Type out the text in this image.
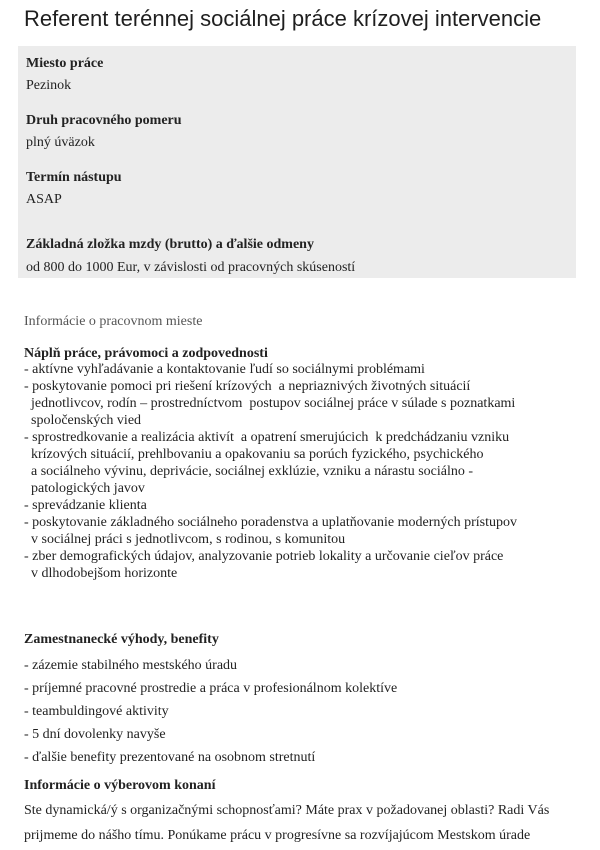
Referent terénnej sociálnej práce krízovej intervencie
Miesto práce
Pezinok
Druh pracovného pomeru
plný úväzok
Termín nástupu
ASAP
Základná zložka mzdy (brutto) a ďalšie odmeny
od 800 do 1000 Eur, v závislosti od pracovných skúseností
Informácie o pracovnom mieste
Náplň práce, právomoci a zodpovednosti
- aktívne vyhľadávanie a kontaktovanie ľudí so sociálnymi problémami
- poskytovanie pomoci pri riešení krízových  a nepriaznivých životných situácií
jednotlivcov, rodín – prostredníctvom  postupov sociálnej práce v súlade s poznatkami
spoločenských vied
- sprostredkovanie a realizácia aktivít  a opatrení smerujúcich  k predchádzaniu vzniku
krízových situácií, prehlbovaniu a opakovaniu sa porúch fyzického, psychického
a sociálneho vývinu, deprivácie, sociálnej exklúzie, vzniku a nárastu sociálno -
patologických javov
- sprevádzanie klienta
- poskytovanie základného sociálneho poradenstva a uplatňovanie moderných prístupov
v sociálnej práci s jednotlivcom, s rodinou, s komunitou
- zber demografických údajov, analyzovanie potrieb lokality a určovanie cieľov práce
v dlhodobejšom horizonte
Zamestnanecké výhody, benefity
- zázemie stabilného mestského úradu
- príjemné pracovné prostredie a práca v profesionálnom kolektíve
- teambuldingové aktivity
- 5 dní dovolenky navyše
- ďalšie benefity prezentované na osobnom stretnutí
Informácie o výberovom konaní

Ste dynamická/ý s organizačnými schopnosťami? Máte prax v požadovanej oblasti? Radi Vás prijmeme do nášho tímu. Ponúkame prácu v progresívne sa rozvíjajúcom Mestskom úrade
